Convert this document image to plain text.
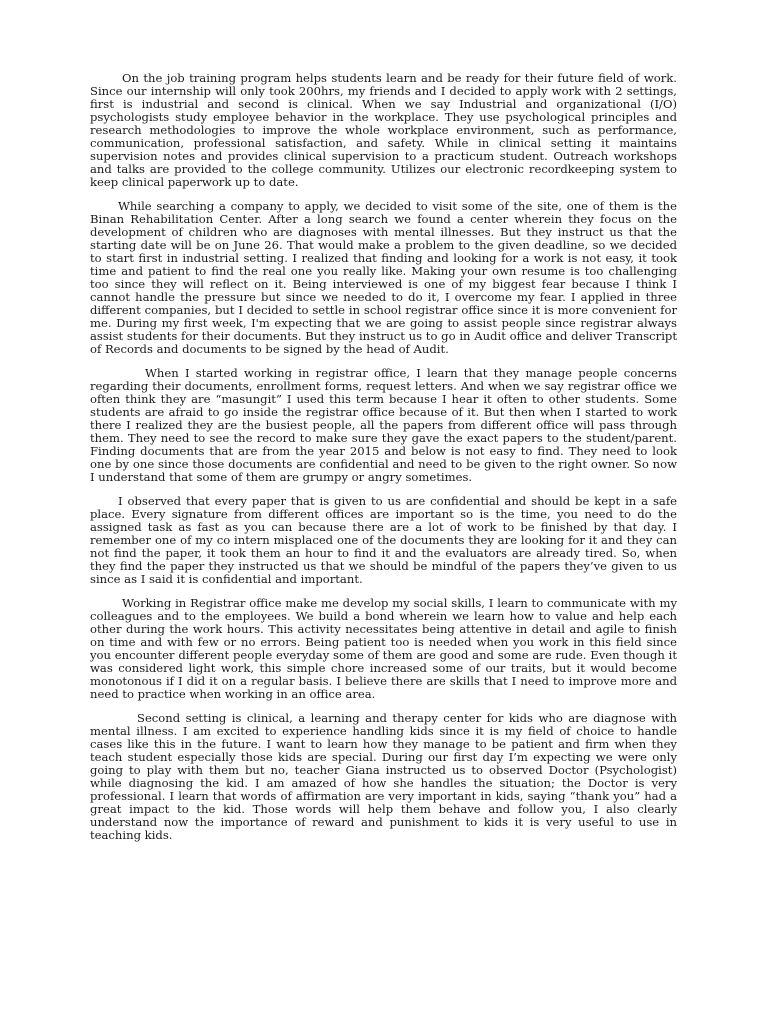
On the job training program helps students learn and be ready for their future field of work. Since our internship will only took 200hrs, my friends and I decided to apply work with 2 settings, first is industrial and second is clinical. When we say Industrial and organizational (I/O) psychologists study employee behavior in the workplace. They use psychological principles and research methodologies to improve the whole workplace environment, such as performance, communication, professional satisfaction, and safety. While in clinical setting it maintains supervision notes and provides clinical supervision to a practicum student. Outreach workshops and talks are provided to the college community. Utilizes our electronic recordkeeping system to keep clinical paperwork up to date.

While searching a company to apply, we decided to visit some of the site, one of them is the Binan Rehabilitation Center. After a long search we found a center wherein they focus on the development of children who are diagnoses with mental illnesses. But they instruct us that the starting date will be on June 26. That would make a problem to the given deadline, so we decided to start first in industrial setting. I realized that finding and looking for a work is not easy, it took time and patient to find the real one you really like. Making your own resume is too challenging too since they will reflect on it. Being interviewed is one of my biggest fear because I think I cannot handle the pressure but since we needed to do it, I overcome my fear. I applied in three different companies, but I decided to settle in school registrar office since it is more convenient for me. During my first week, I'm expecting that we are going to assist people since registrar always assist students for their documents. But they instruct us to go in Audit office and deliver Transcript of Records and documents to be signed by the head of Audit.

When I started working in registrar office, I learn that they manage people concerns regarding their documents, enrollment forms, request letters. And when we say registrar office we often think they are “masungit” I used this term because I hear it often to other students. Some students are afraid to go inside the registrar office because of it. But then when I started to work there I realized they are the busiest people, all the papers from different office will pass through them. They need to see the record to make sure they gave the exact papers to the student/parent. Finding documents that are from the year 2015 and below is not easy to find. They need to look one by one since those documents are confidential and need to be given to the right owner. So now I understand that some of them are grumpy or angry sometimes.

I observed that every paper that is given to us are confidential and should be kept in a safe place. Every signature from different offices are important so is the time, you need to do the assigned task as fast as you can because there are a lot of work to be finished by that day. I remember one of my co intern misplaced one of the documents they are looking for it and they can not find the paper, it took them an hour to find it and the evaluators are already tired. So, when they find the paper they instructed us that we should be mindful of the papers they’ve given to us since as I said it is confidential and important.

Working in Registrar office make me develop my social skills, I learn to communicate with my colleagues and to the employees. We build a bond wherein we learn how to value and help each other during the work hours. This activity necessitates being attentive in detail and agile to finish on time and with few or no errors. Being patient too is needed when you work in this field since you encounter different people everyday some of them are good and some are rude. Even though it was considered light work, this simple chore increased some of our traits, but it would become monotonous if I did it on a regular basis. I believe there are skills that I need to improve more and need to practice when working in an office area.

Second setting is clinical, a learning and therapy center for kids who are diagnose with mental illness. I am excited to experience handling kids since it is my field of choice to handle cases like this in the future. I want to learn how they manage to be patient and firm when they teach student especially those kids are special. During our first day I’m expecting we were only going to play with them but no, teacher Giana instructed us to observed Doctor (Psychologist) while diagnosing the kid. I am amazed of how she handles the situation; the Doctor is very professional. I learn that words of affirmation are very important in kids, saying “thank you” had a great impact to the kid. Those words will help them behave and follow you, I also clearly understand now the importance of reward and punishment to kids it is very useful to use in teaching kids.
